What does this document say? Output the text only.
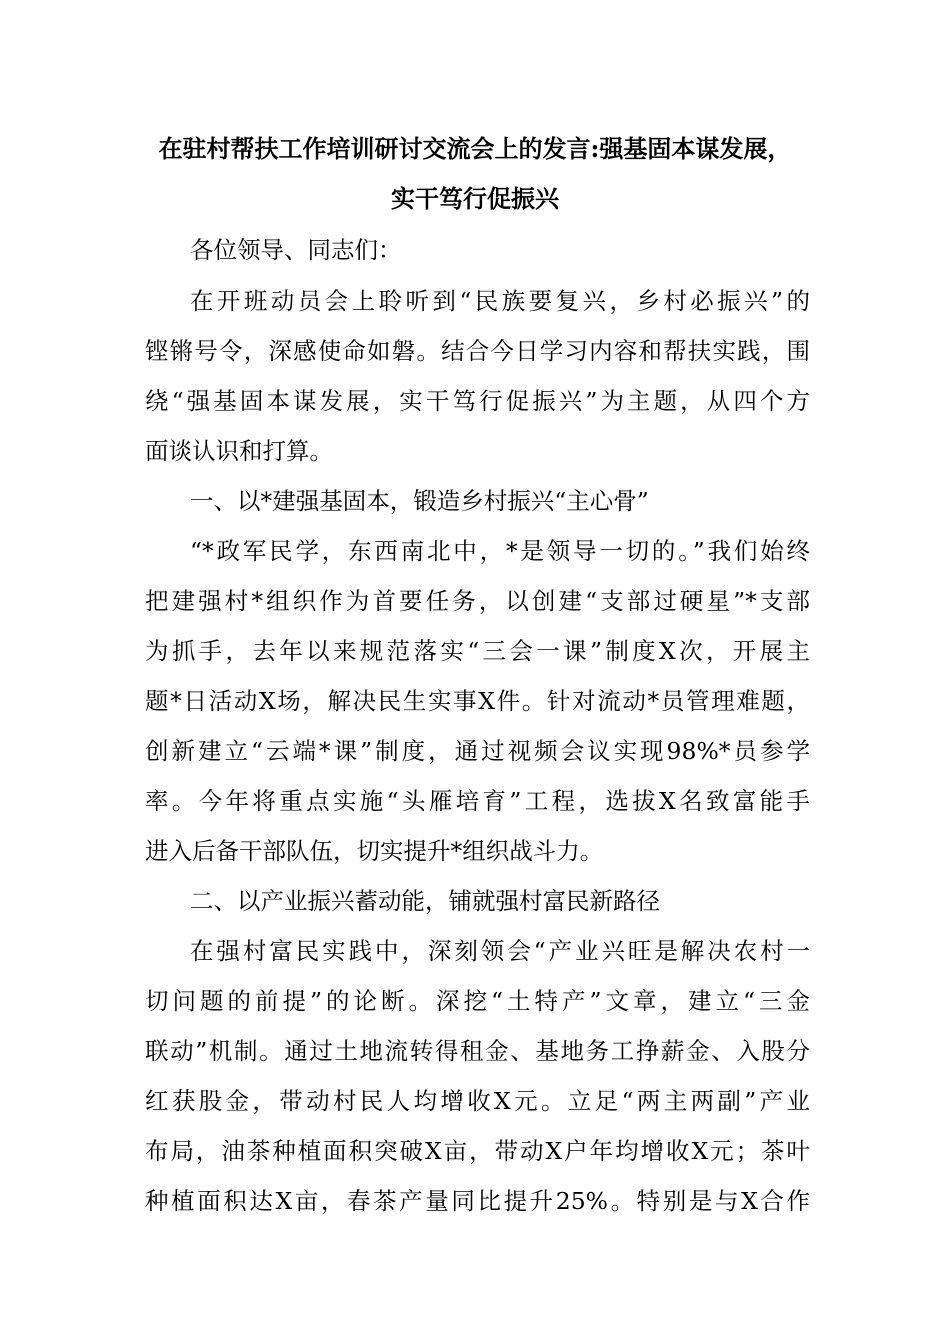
在驻村帮扶工作培训研讨交流会上的发言:强基固本谋发展，
实干笃行促振兴
各位领导、同志们：
在开班动员会上聆听到“民族要复兴，乡村必振兴”的
铿锵号令，深感使命如磐。结合今日学习内容和帮扶实践，围
绕“强基固本谋发展，实干笃行促振兴”为主题，从四个方
面谈认识和打算。
一、以*建强基固本，锻造乡村振兴“主心骨”
“*政军民学，东西南北中，*是领导一切的。”我们始终
把建强村*组织作为首要任务，以创建“支部过硬星”*支部
为抓手，去年以来规范落实“三会一课”制度X次，开展主
题*日活动X场，解决民生实事X件。针对流动*员管理难题，
创新建立“云端*课”制度，通过视频会议实现98%*员参学
率。今年将重点实施“头雁培育”工程，选拔X名致富能手
进入后备干部队伍，切实提升*组织战斗力。
二、以产业振兴蓄动能，铺就强村富民新路径
在强村富民实践中，深刻领会“产业兴旺是解决农村一
切问题的前提”的论断。深挖“土特产”文章，建立“三金
联动”机制。通过土地流转得租金、基地务工挣薪金、入股分
红获股金，带动村民人均增收X元。立足“两主两副”产业
布局，油茶种植面积突破X亩，带动X户年均增收X元；茶叶
种植面积达X亩，春茶产量同比提升25%。特别是与X合作
